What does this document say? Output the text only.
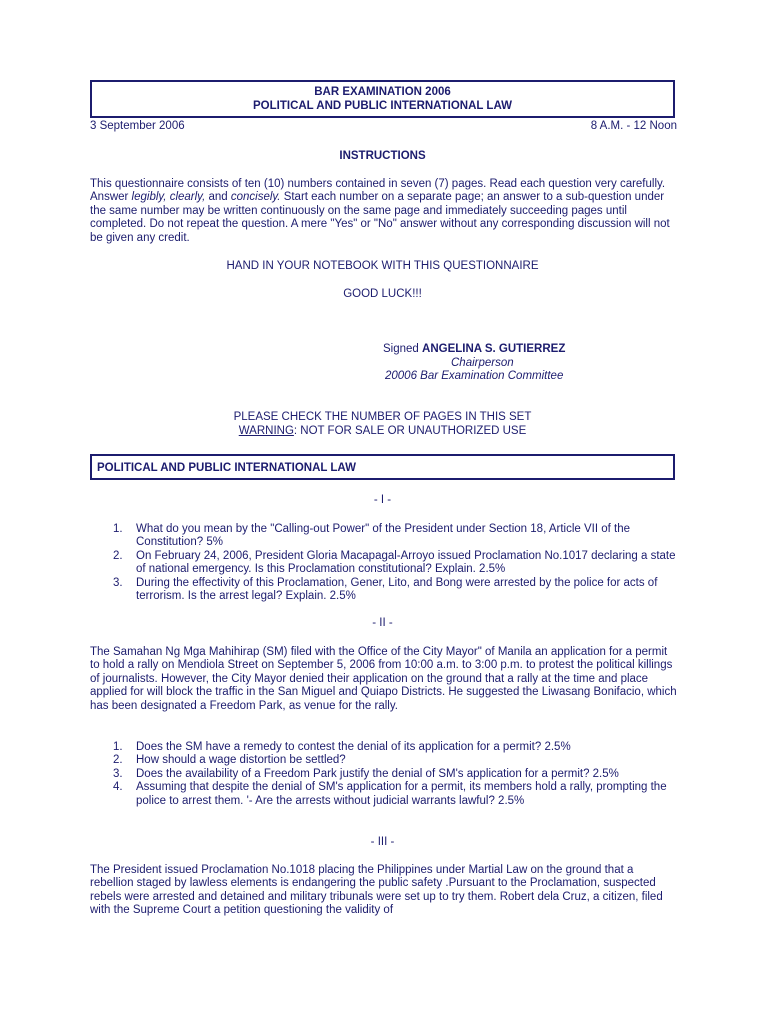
BAR EXAMINATION 2006
POLITICAL AND PUBLIC INTERNATIONAL LAW
3 September 2006	8 A.M. - 12 Noon
INSTRUCTIONS

This questionnaire consists of ten (10) numbers contained in seven (7) pages. Read each question very carefully. Answer legibly, clearly, and concisely. Start each number on a separate page; an answer to a sub-question under the same number may be written continuously on the same page and immediately succeeding pages until completed. Do not repeat the question. A mere "Yes" or "No" answer without any corresponding discussion will not be given any credit.

HAND IN YOUR NOTEBOOK WITH THIS QUESTIONNAIRE
GOOD LUCK!!!
Signed ANGELINA S. GUTIERREZ
Chairperson
20006 Bar Examination Committee
PLEASE CHECK THE NUMBER OF PAGES IN THIS SET
WARNING: NOT FOR SALE OR UNAUTHORIZED USE
POLITICAL AND PUBLIC INTERNATIONAL LAW
- I -
1. What do you mean by the "Calling-out Power" of the President under Section 18, Article VII of the Constitution? 5%
2. On February 24, 2006, President Gloria Macapagal-Arroyo issued Proclamation No.1017 declaring a state of national emergency. Is this Proclamation constitutional? Explain. 2.5%
3. During the effectivity of this Proclamation, Gener, Lito, and Bong were arrested by the police for acts of terrorism. Is the arrest legal? Explain. 2.5%
- II -
The Samahan Ng Mga Mahihirap (SM) filed with the Office of the City Mayor" of Manila an application for a permit to hold a rally on Mendiola Street on September 5, 2006 from 10:00 a.m. to 3:00 p.m. to protest the political killings of journalists. However, the City Mayor denied their application on the ground that a rally at the time and place applied for will block the traffic in the San Miguel and Quiapo Districts. He suggested the Liwasang Bonifacio, which has been designated a Freedom Park, as venue for the rally.
1. Does the SM have a remedy to contest the denial of its application for a permit? 2.5%
2. How should a wage distortion be settled?
3. Does the availability of a Freedom Park justify the denial of SM's application for a permit? 2.5%
4. Assuming that despite the denial of SM's application for a permit, its members hold a rally, prompting the police to arrest them. '- Are the arrests without judicial warrants lawful? 2.5%
- III -
The President issued Proclamation No.1018 placing the Philippines under Martial Law on the ground that a rebellion staged by lawless elements is endangering the public safety .Pursuant to the Proclamation, suspected rebels were arrested and detained and military tribunals were set up to try them. Robert dela Cruz, a citizen, filed with the Supreme Court a petition questioning the validity of
